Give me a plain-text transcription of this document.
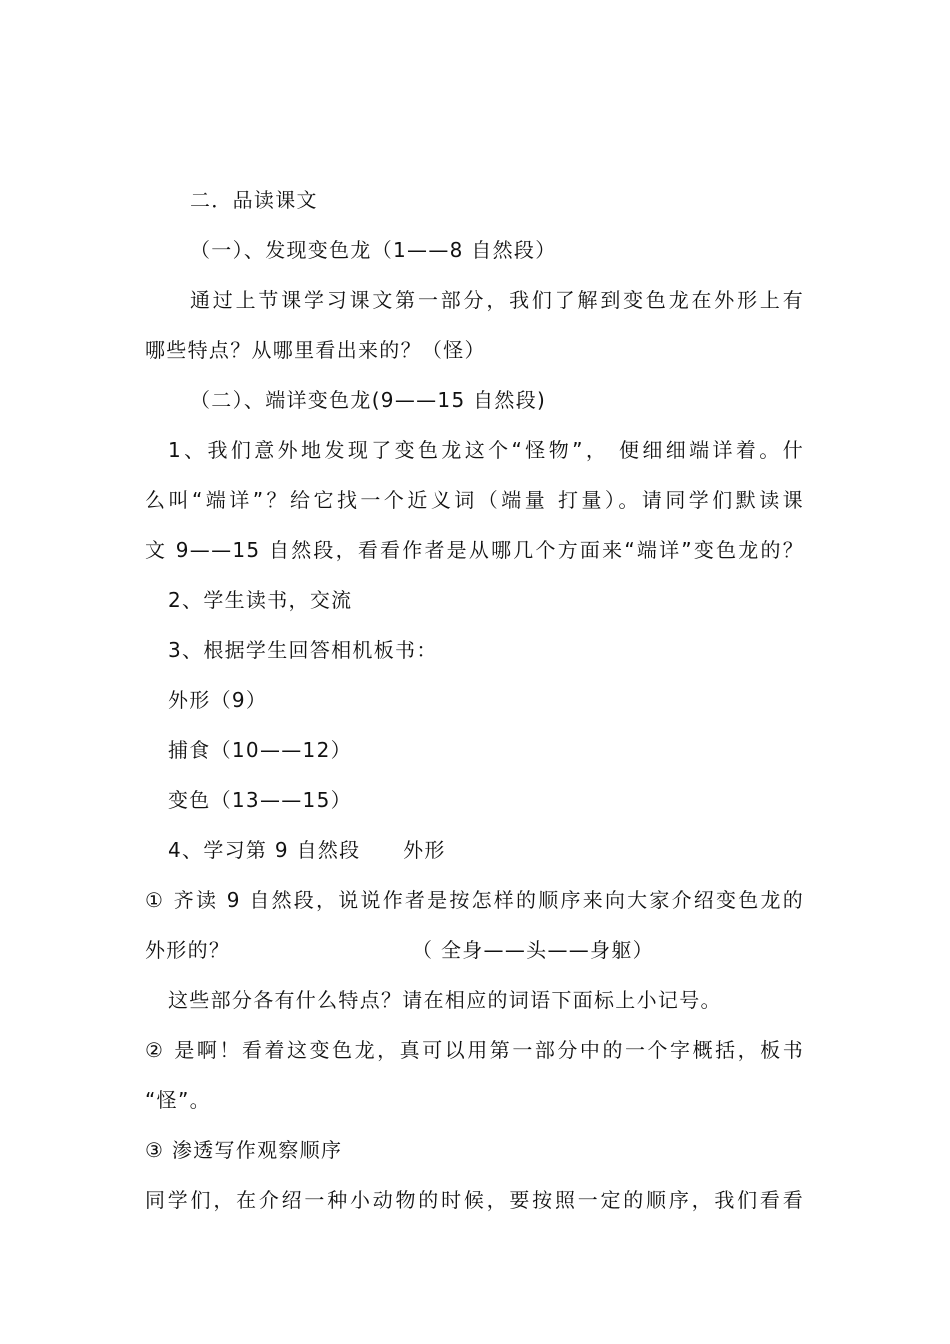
二．品读课文
（一）、发现变色龙（1——8 自然段）
通过上节课学习课文第一部分，我们了解到变色龙在外形上有
哪些特点？从哪里看出来的？（怪）
（二）、端详变色龙(9——15 自然段)
1、我们意外地发现了变色龙这个“怪物”， 便细细端详着。什
么叫“端详”？给它找一个近义词（端量 打量）。请同学们默读课
文 9——15 自然段，看看作者是从哪几个方面来“端详”变色龙的？
2、学生读书，交流
3、根据学生回答相机板书：
外形（9）
捕食（10——12）
变色（13——15）
4、学习第 9 自然段　　外形
① 齐读 9 自然段，说说作者是按怎样的顺序来向大家介绍变色龙的
外形的？	（ 全身——头——身躯）
这些部分各有什么特点？请在相应的词语下面标上小记号。
② 是啊！看着这变色龙，真可以用第一部分中的一个字概括，板书
“怪”。
③ 渗透写作观察顺序
同学们，在介绍一种小动物的时候，要按照一定的顺序，我们看看
